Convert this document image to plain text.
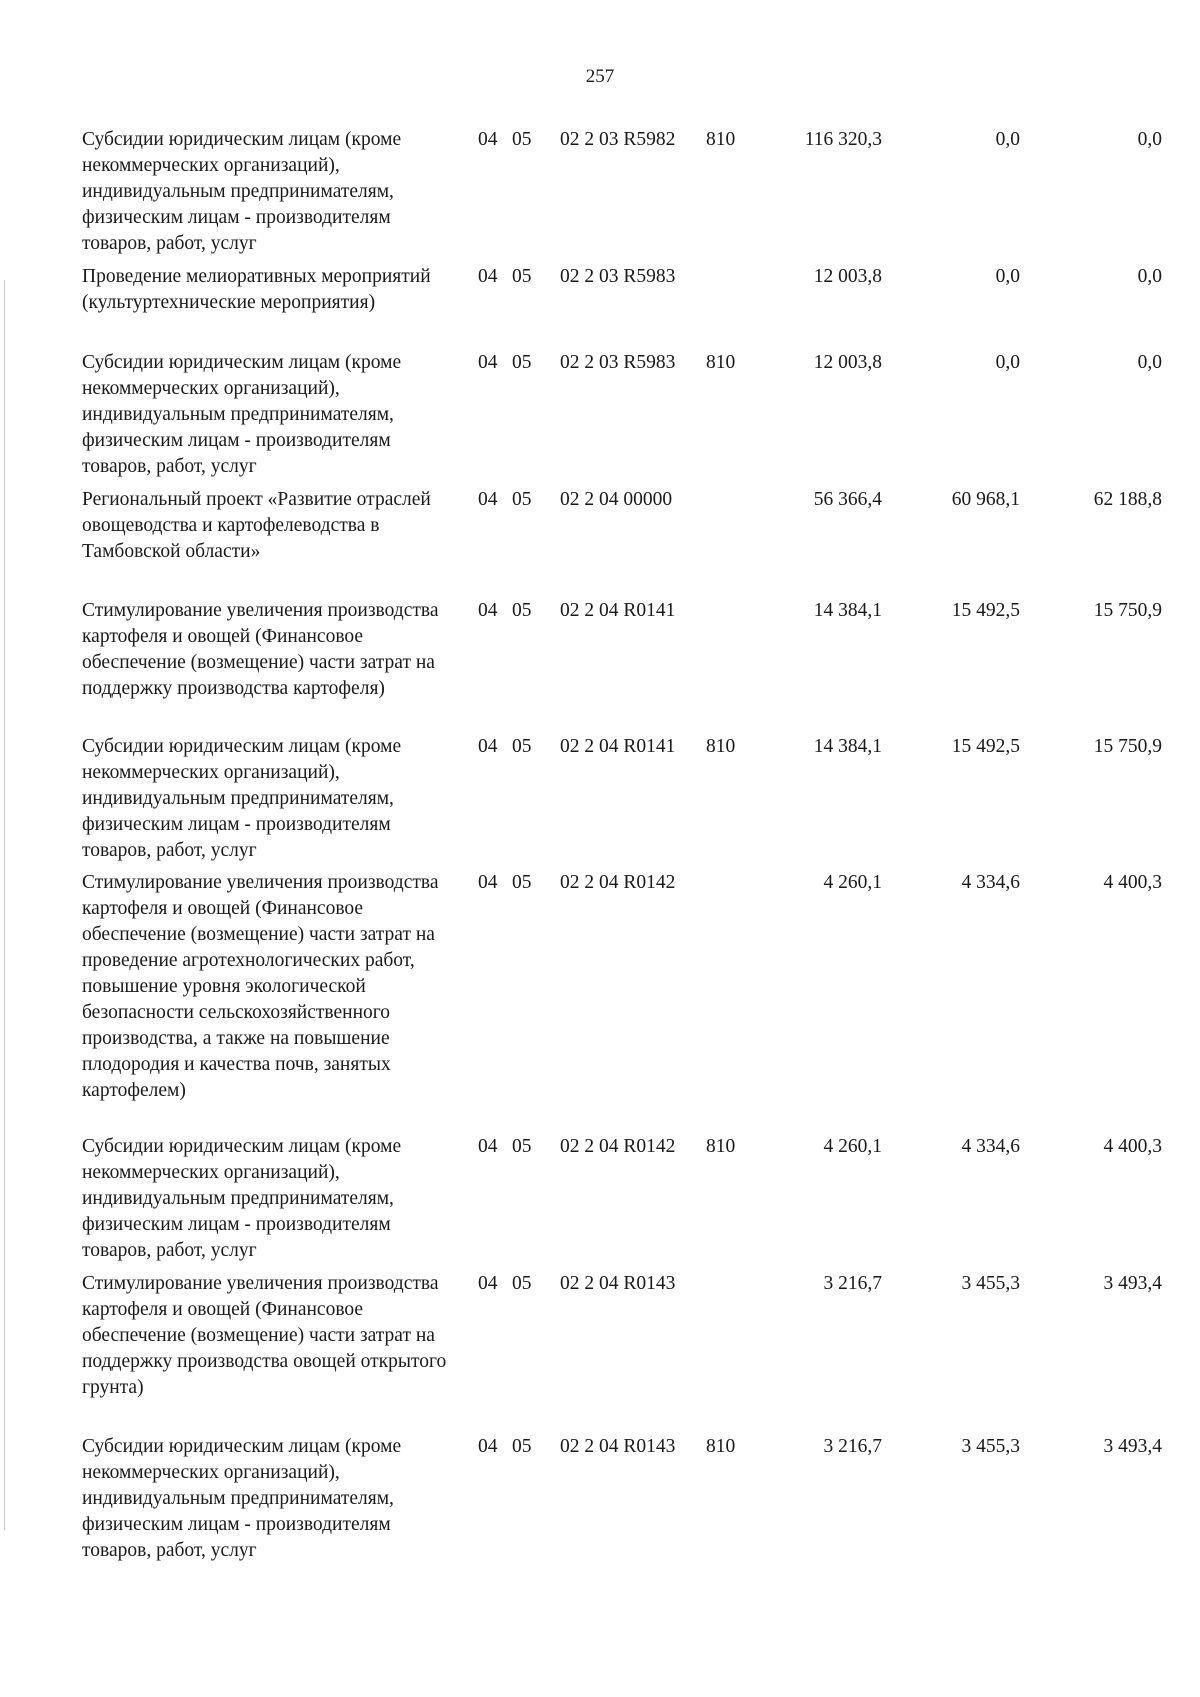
257
Субсидии юридическим лицам (кроме некоммерческих организаций), индивидуальным предпринимателям, физическим лицам - производителям товаров, работ, услуг
04 05	02 2 03 R5982	810	116 320,3	0,0	0,0
Проведение мелиоративных мероприятий (культуртехнические мероприятия)
04 05	02 2 03 R5983	12 003,8	0,0	0,0
Субсидии юридическим лицам (кроме некоммерческих организаций), индивидуальным предпринимателям, физическим лицам - производителям товаров, работ, услуг
04 05	02 2 03 R5983	810	12 003,8	0,0	0,0
Региональный проект «Развитие отраслей овощеводства и картофелеводства в Тамбовской области»
04 05	02 2 04 00000	56 366,4	60 968,1	62 188,8
Стимулирование увеличения производства картофеля и овощей (Финансовое обеспечение (возмещение) части затрат на поддержку производства картофеля)
04 05	02 2 04 R0141	14 384,1	15 492,5	15 750,9
Субсидии юридическим лицам (кроме некоммерческих организаций), индивидуальным предпринимателям, физическим лицам - производителям товаров, работ, услуг
04 05	02 2 04 R0141	810	14 384,1	15 492,5	15 750,9
Стимулирование увеличения производства картофеля и овощей (Финансовое обеспечение (возмещение) части затрат на проведение агротехнологических работ, повышение уровня экологической безопасности сельскохозяйственного производства, а также на повышение плодородия и качества почв, занятых картофелем)
04 05	02 2 04 R0142	4 260,1	4 334,6	4 400,3
Субсидии юридическим лицам (кроме некоммерческих организаций), индивидуальным предпринимателям, физическим лицам - производителям товаров, работ, услуг
04 05	02 2 04 R0142	810	4 260,1	4 334,6	4 400,3
Стимулирование увеличения производства картофеля и овощей (Финансовое обеспечение (возмещение) части затрат на поддержку производства овощей открытого грунта)
04 05	02 2 04 R0143	3 216,7	3 455,3	3 493,4
Субсидии юридическим лицам (кроме некоммерческих организаций), индивидуальным предпринимателям, физическим лицам - производителям товаров, работ, услуг
04 05	02 2 04 R0143	810	3 216,7	3 455,3	3 493,4
